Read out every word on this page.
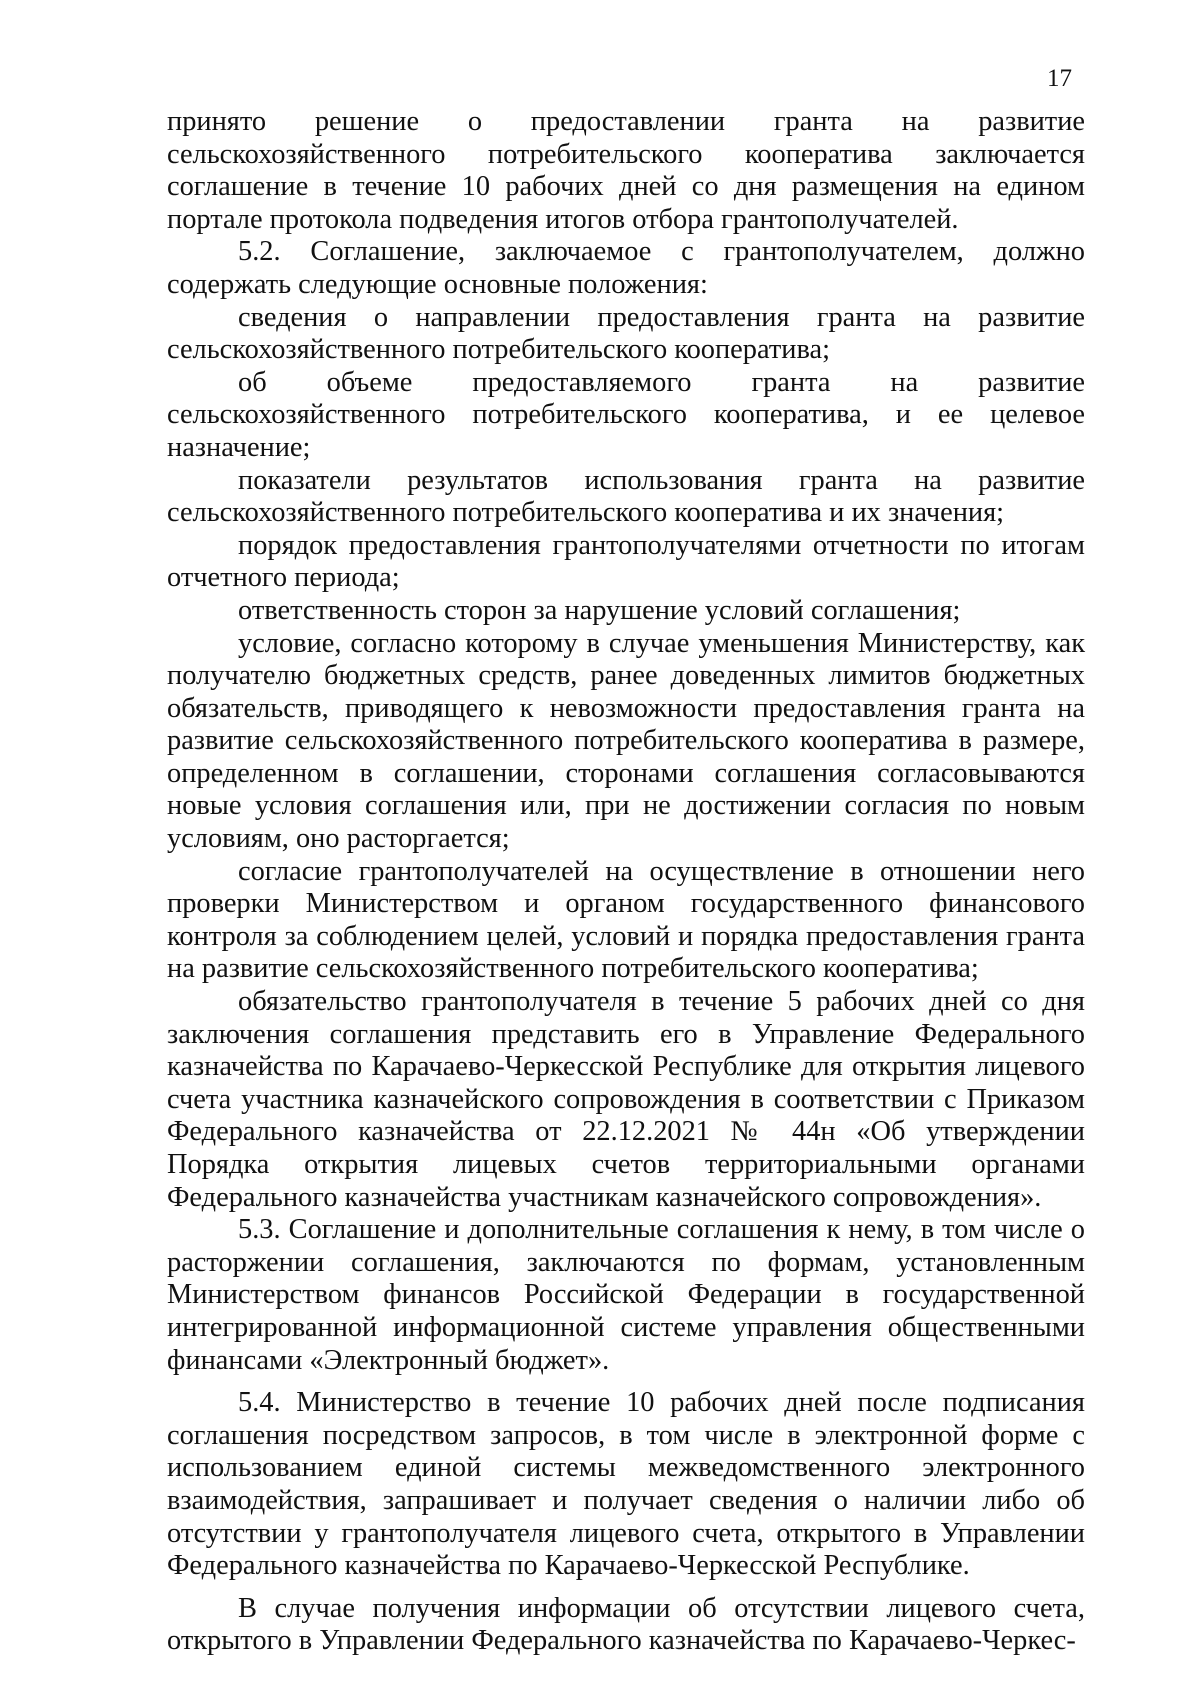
17

принято решение о предоставлении гранта на развитие сельскохозяйственного потребительского кооператива заключается соглашение в течение 10 рабочих дней со дня размещения на едином портале протокола подведения итогов отбора грантополучателей.

5.2. Соглашение, заключаемое с грантополучателем, должно содержать следующие основные положения:

сведения о направлении предоставления гранта на развитие сельскохозяйственного потребительского кооператива;

об объеме предоставляемого гранта на развитие сельскохозяйственного потребительского кооператива, и ее целевое назначение;

показатели результатов использования гранта на развитие сельскохозяйственного потребительского кооператива и их значения;

порядок предоставления грантополучателями отчетности по итогам отчетного периода;

ответственность сторон за нарушение условий соглашения;

условие, согласно которому в случае уменьшения Министерству, как получателю бюджетных средств, ранее доведенных лимитов бюджетных обязательств, приводящего к невозможности предоставления гранта на развитие сельскохозяйственного потребительского кооператива в размере, определенном в соглашении, сторонами соглашения согласовываются новые условия соглашения или, при не достижении согласия по новым условиям, оно расторгается;

согласие грантополучателей на осуществление в отношении него проверки Министерством и органом государственного финансового контроля за соблюдением целей, условий и порядка предоставления гранта на развитие сельскохозяйственного потребительского кооператива;

обязательство грантополучателя в течение 5 рабочих дней со дня заключения соглашения представить его в Управление Федерального казначейства по Карачаево-Черкесской Республике для открытия лицевого счета участника казначейского сопровождения в соответствии с Приказом Федерального казначейства от 22.12.2021 № 44н «Об утверждении Порядка открытия лицевых счетов территориальными органами Федерального казначейства участникам казначейского сопровождения».

5.3. Соглашение и дополнительные соглашения к нему, в том числе о расторжении соглашения, заключаются по формам, установленным Министерством финансов Российской Федерации в государственной интегрированной информационной системе управления общественными финансами «Электронный бюджет».

5.4. Министерство в течение 10 рабочих дней после подписания соглашения посредством запросов, в том числе в электронной форме с использованием единой системы межведомственного электронного взаимодействия, запрашивает и получает сведения о наличии либо об отсутствии у грантополучателя лицевого счета, открытого в Управлении Федерального казначейства по Карачаево-Черкесской Республике.

В случае получения информации об отсутствии лицевого счета, открытого в Управлении Федерального казначейства по Карачаево-Черкес-
